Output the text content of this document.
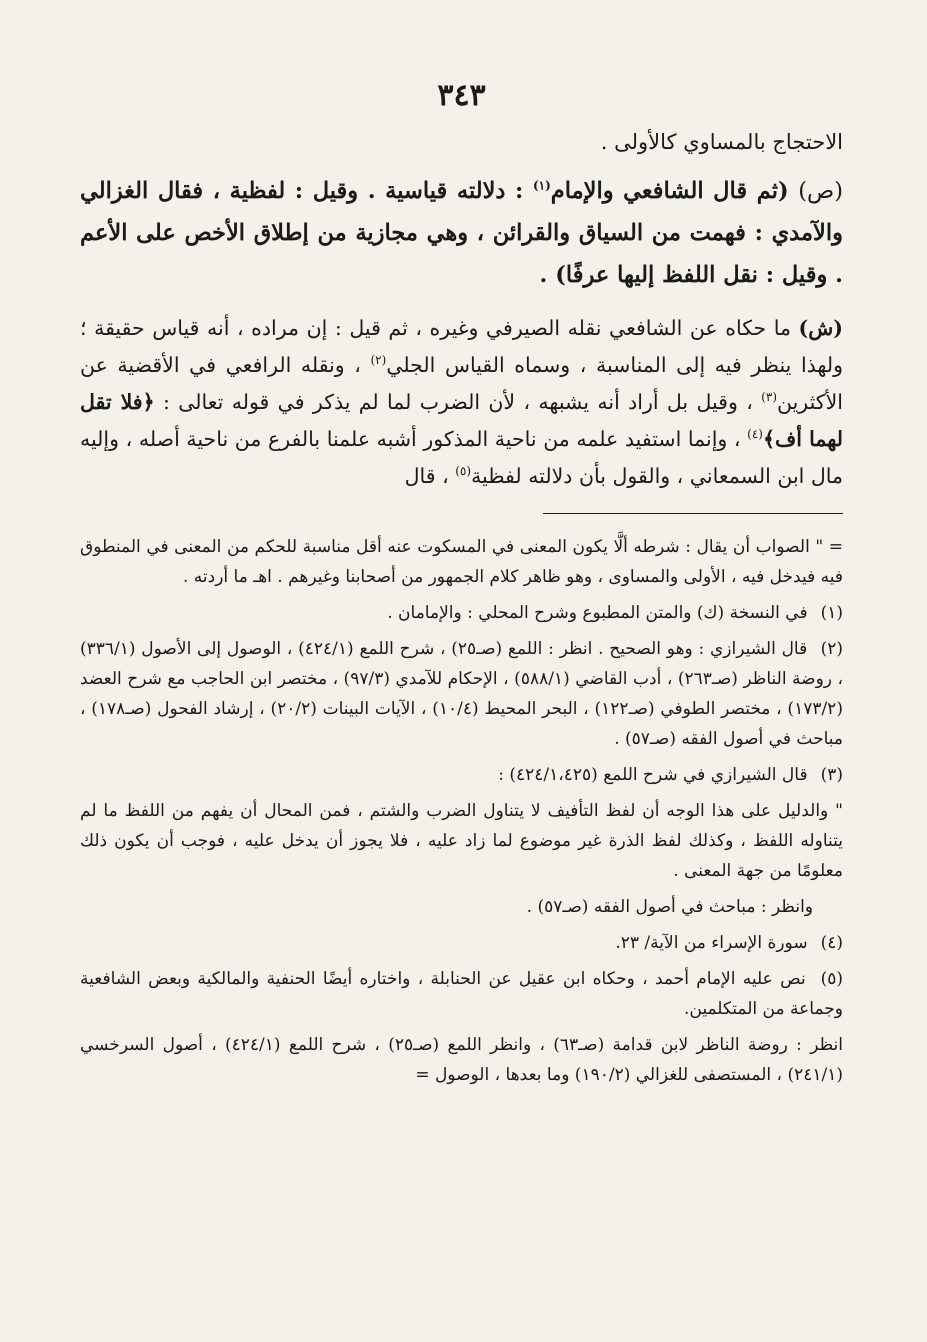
٣٤٣

الاحتجاج بالمساوي كالأولى .

(ص) (ثم قال الشافعي والإمام$^{(١)}$ : دلالته قياسية . وقيل : لفظية ، فقال الغزالي والآمدي : فهمت من السياق والقرائن ، وهي مجازية من إطلاق الأخص على الأعم . وقيل : نقل اللفظ إليها عرفًا) .

(ش) ما حكاه عن الشافعي نقله الصيرفي وغيره ، ثم قيل : إن مراده ، أنه قياس حقيقة ؛ ولهذا ينظر فيه إلى المناسبة ، وسماه القياس الجلي$^{(٢)}$ ، ونقله الرافعي في الأقضية عن الأكثرين$^{(٣)}$ ، وقيل بل أراد أنه يشبهه ، لأن الضرب لما لم يذكر في قوله تعالى : ﴿فلا تقل لهما أف﴾$^{(٤)}$ ، وإنما استفيد علمه من ناحية المذكور أشبه علمنا بالفرع من ناحية أصله ، وإليه مال ابن السمعاني ، والقول بأن دلالته لفظية$^{(٥)}$ ، قال

= " الصواب أن يقال : شرطه ألَّا يكون المعنى في المسكوت عنه أقل مناسبة للحكم من المعنى في المنطوق فيه فيدخل فيه ، الأولى والمساوى ، وهو ظاهر كلام الجمهور من أصحابنا وغيرهم . اهـ ما أردته .

(١) في النسخة (ك) والمتن المطبوع وشرح المحلي : والإمامان .

(٢) قال الشيرازي : وهو الصحيح . انظر : اللمع (صـ٢٥) ، شرح اللمع (٤٢٤/١) ، الوصول إلى الأصول (٣٣٦/١) ، روضة الناظر (صـ٢٦٣) ، أدب القاضي (٥٨٨/١) ، الإحكام للآمدي (٩٧/٣) ، مختصر ابن الحاجب مع شرح العضد (١٧٣/٢) ، مختصر الطوفي (صـ١٢٢) ، البحر المحيط (١٠/٤) ، الآيات البينات (٢٠/٢) ، إرشاد الفحول (صـ١٧٨) ، مباحث في أصول الفقه (صـ٥٧) .

(٣) قال الشيرازي في شرح اللمع (٤٢٤/١،٤٢٥) :

" والدليل على هذا الوجه أن لفظ التأفيف لا يتناول الضرب والشتم ، فمن المحال أن يفهم من اللفظ ما لم يتناوله اللفظ ، وكذلك لفظ الذرة غير موضوع لما زاد عليه ، فلا يجوز أن يدخل عليه ، فوجب أن يكون ذلك معلومًا من جهة المعنى .

وانظر : مباحث في أصول الفقه (صـ٥٧) .

(٤) سورة الإسراء من الآية/ ٢٣.

(٥) نص عليه الإمام أحمد ، وحكاه ابن عقيل عن الحنابلة ، واختاره أيضًا الحنفية والمالكية وبعض الشافعية وجماعة من المتكلمين.

انظر : روضة الناظر لابن قدامة (صـ٦٣) ، وانظر اللمع (صـ٢٥) ، شرح اللمع (٤٢٤/١) ، أصول السرخسي (٢٤١/١) ، المستصفى للغزالي (١٩٠/٢) وما بعدها ، الوصول =
